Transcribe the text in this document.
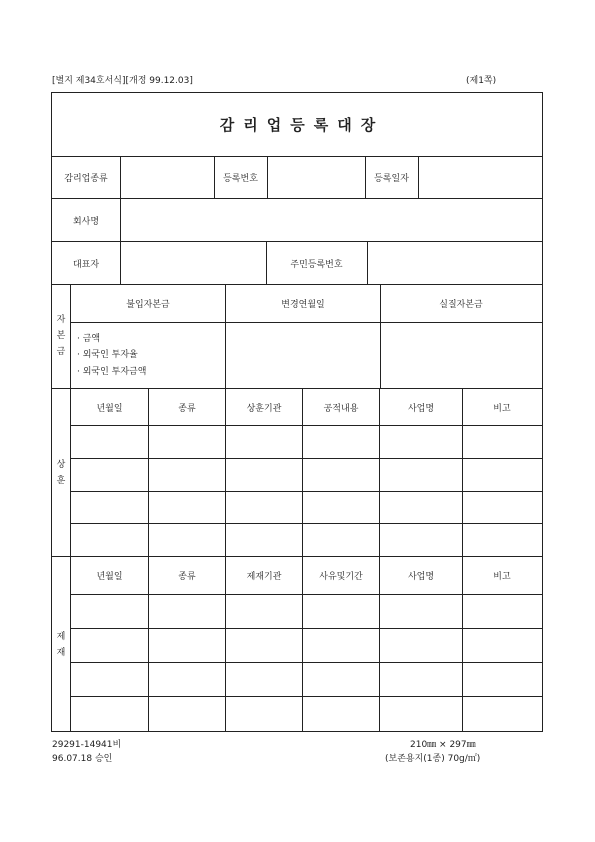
[별지 제34호서식][개정 99.12.03]	(제1쪽)
감리업등록대장
감리업종류	등록번호	등록일자
회사명
대표자	주민등록번호
자
본
금
불입자본금	변경연월일	실질자본금
· 금액
· 외국인 투자율
· 외국인 투자금액
상
훈
년월일	종류	상훈기관	공적내용	사업명	비고
제
재
년월일	종류	제재기관	사유및기간	사업명	비고
29291-14941비
96.07.18 승인
210㎜ × 297㎜
(보존용지(1종) 70g/㎡)
